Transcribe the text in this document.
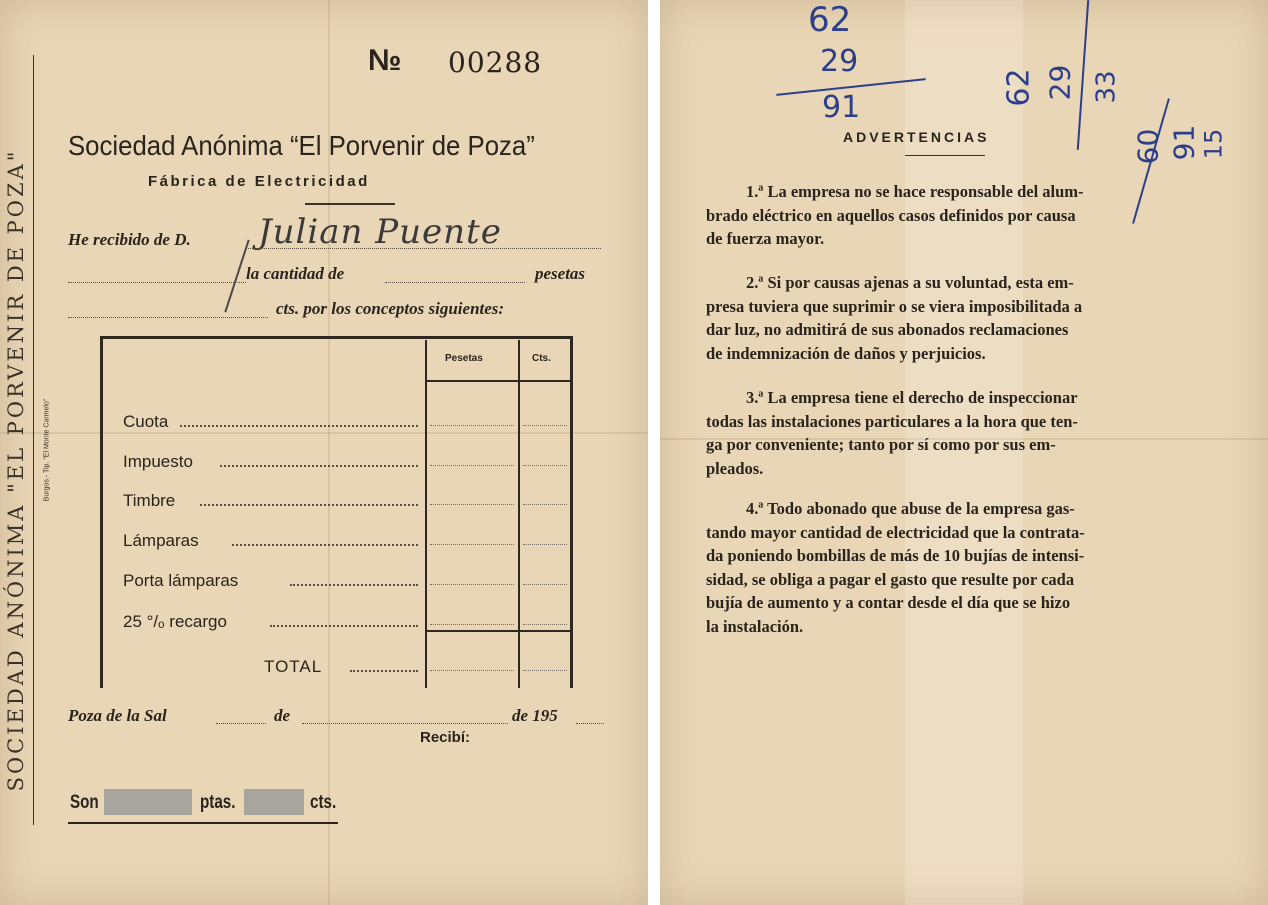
SOCIEDAD ANÓNIMA "EL PORVENIR DE POZA" Burgos.- Tip. "El Monte Carmelo"
№ 00288
Sociedad Anónima “El Porvenir de Poza”
Fábrica de Electricidad
He recibido de D. Julian Puente
la cantidad de	pesetas
cts. por los conceptos siguientes:
Pesetas	Cts.
Cuota
Impuesto
Timbre
Lámparas
Porta lámparas
25 °/ₒ recargo
TOTAL
Poza de la Sal	de	de 195
Recibí:
Son	ptas.	cts.
ADVERTENCIAS
1.ª La empresa no se hace responsable del alum-
brado eléctrico en aquellos casos definidos por causa
de fuerza mayor.
2.ª Si por causas ajenas a su voluntad, esta em-
presa tuviera que suprimir o se viera imposibilitada a
dar luz, no admitirá de sus abonados reclamaciones
de indemnización de daños y perjuicios.
3.ª La empresa tiene el derecho de inspeccionar
todas las instalaciones particulares a la hora que ten-
ga por conveniente; tanto por sí como por sus em-
pleados.
4.ª Todo abonado que abuse de la empresa gas-
tando mayor cantidad de electricidad que la contrata-
da poniendo bombillas de más de 10 bujías de intensi-
sidad, se obliga a pagar el gasto que resulte por cada
bujía de aumento y a contar desde el día que se hizo
la instalación.
62
29
91
62 29 33
60 91
15
